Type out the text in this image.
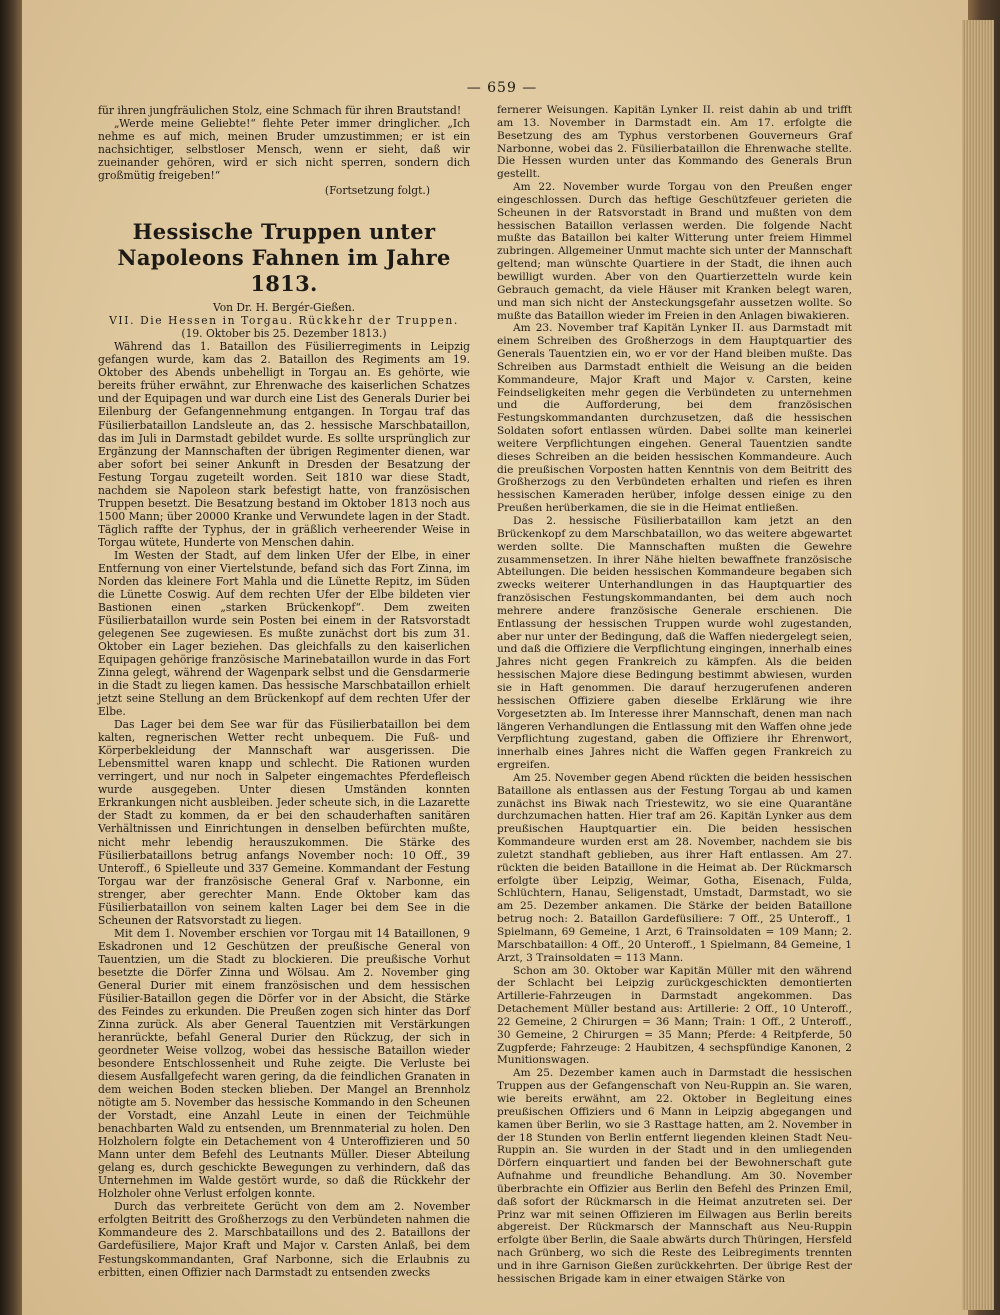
— 659 —

für ihren jungfräulichen Stolz, eine Schmach für ihren Brautstand!

„Werde meine Geliebte!“ flehte Peter immer dringlicher. „Ich nehme es auf mich, meinen Bruder umzustimmen; er ist ein nachsichtiger, selbstloser Mensch, wenn er sieht, daß wir zueinander gehören, wird er sich nicht sperren, sondern dich großmütig freigeben!“

(Fortsetzung folgt.)

Hessische Truppen unter Napoleons Fahnen im Jahre 1813.

Von Dr. H. Bergér-Gießen.

VII. Die Hessen in Torgau. Rückkehr der Truppen.

(19. Oktober bis 25. Dezember 1813.)

Während das 1. Bataillon des Füsilierregiments in Leipzig gefangen wurde, kam das 2. Bataillon des Regiments am 19. Oktober des Abends unbehelligt in Torgau an. Es gehörte, wie bereits früher erwähnt, zur Ehrenwache des kaiserlichen Schatzes und der Equipagen und war durch eine List des Generals Durier bei Eilenburg der Gefangennehmung entgangen. In Torgau traf das Füsilierbataillon Landsleute an, das 2. hessische Marschbataillon, das im Juli in Darmstadt gebildet wurde. Es sollte ursprünglich zur Ergänzung der Mannschaften der übrigen Regimenter dienen, war aber sofort bei seiner Ankunft in Dresden der Besatzung der Festung Torgau zugeteilt worden. Seit 1810 war diese Stadt, nachdem sie Napoleon stark befestigt hatte, von französischen Truppen besetzt. Die Besatzung bestand im Oktober 1813 noch aus 1500 Mann; über 20000 Kranke und Verwundete lagen in der Stadt. Täglich raffte der Typhus, der in gräßlich verheerender Weise in Torgau wütete, Hunderte von Menschen dahin.

Im Westen der Stadt, auf dem linken Ufer der Elbe, in einer Entfernung von einer Viertelstunde, befand sich das Fort Zinna, im Norden das kleinere Fort Mahla und die Lünette Repitz, im Süden die Lünette Coswig. Auf dem rechten Ufer der Elbe bildeten vier Bastionen einen „starken Brückenkopf“. Dem zweiten Füsilierbataillon wurde sein Posten bei einem in der Ratsvorstadt gelegenen See zugewiesen. Es mußte zunächst dort bis zum 31. Oktober ein Lager beziehen. Das gleichfalls zu den kaiserlichen Equipagen gehörige französische Marinebataillon wurde in das Fort Zinna gelegt, während der Wagenpark selbst und die Gensdarmerie in die Stadt zu liegen kamen. Das hessische Marschbataillon erhielt jetzt seine Stellung an dem Brückenkopf auf dem rechten Ufer der Elbe.

Das Lager bei dem See war für das Füsilierbataillon bei dem kalten, regnerischen Wetter recht unbequem. Die Fuß- und Körperbekleidung der Mannschaft war ausgerissen. Die Lebensmittel waren knapp und schlecht. Die Rationen wurden verringert, und nur noch in Salpeter eingemachtes Pferdefleisch wurde ausgegeben. Unter diesen Umständen konnten Erkrankungen nicht ausbleiben. Jeder scheute sich, in die Lazarette der Stadt zu kommen, da er bei den schauderhaften sanitären Verhältnissen und Einrichtungen in denselben befürchten mußte, nicht mehr lebendig herauszukommen. Die Stärke des Füsilierbataillons betrug anfangs November noch: 10 Off., 39 Unteroff., 6 Spielleute und 337 Gemeine. Kommandant der Festung Torgau war der französische General Graf v. Narbonne, ein strenger, aber gerechter Mann. Ende Oktober kam das Füsilierbataillon von seinem kalten Lager bei dem See in die Scheunen der Ratsvorstadt zu liegen.

Mit dem 1. November erschien vor Torgau mit 14 Bataillonen, 9 Eskadronen und 12 Geschützen der preußische General von Tauentzien, um die Stadt zu blockieren. Die preußische Vorhut besetzte die Dörfer Zinna und Wölsau. Am 2. November ging General Durier mit einem französischen und dem hessischen Füsilier-Bataillon gegen die Dörfer vor in der Absicht, die Stärke des Feindes zu erkunden. Die Preußen zogen sich hinter das Dorf Zinna zurück. Als aber General Tauentzien mit Verstärkungen heranrückte, befahl General Durier den Rückzug, der sich in geordneter Weise vollzog, wobei das hessische Bataillon wieder besondere Entschlossenheit und Ruhe zeigte. Die Verluste bei diesem Ausfallgefecht waren gering, da die feindlichen Granaten in dem weichen Boden stecken blieben. Der Mangel an Brennholz nötigte am 5. November das hessische Kommando in den Scheunen der Vorstadt, eine Anzahl Leute in einen der Teichmühle benachbarten Wald zu entsenden, um Brennmaterial zu holen. Den Holzholern folgte ein Detachement von 4 Unteroffizieren und 50 Mann unter dem Befehl des Leutnants Müller. Dieser Abteilung gelang es, durch geschickte Bewegungen zu verhindern, daß das Unternehmen im Walde gestört wurde, so daß die Rückkehr der Holzholer ohne Verlust erfolgen konnte.

Durch das verbreitete Gerücht von dem am 2. November erfolgten Beitritt des Großherzogs zu den Verbündeten nahmen die Kommandeure des 2. Marschbataillons und des 2. Bataillons der Gardefüsiliere, Major Kraft und Major v. Carsten Anlaß, bei dem Festungskommandanten, Graf Narbonne, sich die Erlaubnis zu erbitten, einen Offizier nach Darmstadt zu entsenden zwecks

fernerer Weisungen. Kapitän Lynker II. reist dahin ab und trifft am 13. November in Darmstadt ein. Am 17. erfolgte die Besetzung des am Typhus verstorbenen Gouverneurs Graf Narbonne, wobei das 2. Füsilierbataillon die Ehrenwache stellte. Die Hessen wurden unter das Kommando des Generals Brun gestellt.

Am 22. November wurde Torgau von den Preußen enger eingeschlossen. Durch das heftige Geschützfeuer gerieten die Scheunen in der Ratsvorstadt in Brand und mußten von dem hessischen Bataillon verlassen werden. Die folgende Nacht mußte das Bataillon bei kalter Witterung unter freiem Himmel zubringen. Allgemeiner Unmut machte sich unter der Mannschaft geltend; man wünschte Quartiere in der Stadt, die ihnen auch bewilligt wurden. Aber von den Quartierzetteln wurde kein Gebrauch gemacht, da viele Häuser mit Kranken belegt waren, und man sich nicht der Ansteckungsgefahr aussetzen wollte. So mußte das Bataillon wieder im Freien in den Anlagen biwakieren.

Am 23. November traf Kapitän Lynker II. aus Darmstadt mit einem Schreiben des Großherzogs in dem Hauptquartier des Generals Tauentzien ein, wo er vor der Hand bleiben mußte. Das Schreiben aus Darmstadt enthielt die Weisung an die beiden Kommandeure, Major Kraft und Major v. Carsten, keine Feindseligkeiten mehr gegen die Verbündeten zu unternehmen und die Aufforderung, bei dem französischen Festungskommandanten durchzusetzen, daß die hessischen Soldaten sofort entlassen würden. Dabei sollte man keinerlei weitere Verpflichtungen eingehen. General Tauentzien sandte dieses Schreiben an die beiden hessischen Kommandeure. Auch die preußischen Vorposten hatten Kenntnis von dem Beitritt des Großherzogs zu den Verbündeten erhalten und riefen es ihren hessischen Kameraden herüber, infolge dessen einige zu den Preußen herüberkamen, die sie in die Heimat entließen.

Das 2. hessische Füsilierbataillon kam jetzt an den Brückenkopf zu dem Marschbataillon, wo das weitere abgewartet werden sollte. Die Mannschaften mußten die Gewehre zusammensetzen. In ihrer Nähe hielten bewaffnete französische Abteilungen. Die beiden hessischen Kommandeure begaben sich zwecks weiterer Unterhandlungen in das Hauptquartier des französischen Festungskommandanten, bei dem auch noch mehrere andere französische Generale erschienen. Die Entlassung der hessischen Truppen wurde wohl zugestanden, aber nur unter der Bedingung, daß die Waffen niedergelegt seien, und daß die Offiziere die Verpflichtung eingingen, innerhalb eines Jahres nicht gegen Frankreich zu kämpfen. Als die beiden hessischen Majore diese Bedingung bestimmt abwiesen, wurden sie in Haft genommen. Die darauf herzugerufenen anderen hessischen Offiziere gaben dieselbe Erklärung wie ihre Vorgesetzten ab. Im Interesse ihrer Mannschaft, denen man nach längeren Verhandlungen die Entlassung mit den Waffen ohne jede Verpflichtung zugestand, gaben die Offiziere ihr Ehrenwort, innerhalb eines Jahres nicht die Waffen gegen Frankreich zu ergreifen.

Am 25. November gegen Abend rückten die beiden hessischen Bataillone als entlassen aus der Festung Torgau ab und kamen zunächst ins Biwak nach Triestewitz, wo sie eine Quarantäne durchzumachen hatten. Hier traf am 26. Kapitän Lynker aus dem preußischen Hauptquartier ein. Die beiden hessischen Kommandeure wurden erst am 28. November, nachdem sie bis zuletzt standhaft geblieben, aus ihrer Haft entlassen. Am 27. rückten die beiden Bataillone in die Heimat ab. Der Rückmarsch erfolgte über Leipzig, Weimar, Gotha, Eisenach, Fulda, Schlüchtern, Hanau, Seligenstadt, Umstadt, Darmstadt, wo sie am 25. Dezember ankamen. Die Stärke der beiden Bataillone betrug noch: 2. Bataillon Gardefüsiliere: 7 Off., 25 Unteroff., 1 Spielmann, 69 Gemeine, 1 Arzt, 6 Trainsoldaten = 109 Mann; 2. Marschbataillon: 4 Off., 20 Unteroff., 1 Spielmann, 84 Gemeine, 1 Arzt, 3 Trainsoldaten = 113 Mann.

Schon am 30. Oktober war Kapitän Müller mit den während der Schlacht bei Leipzig zurückgeschickten demontierten Artillerie-Fahrzeugen in Darmstadt angekommen. Das Detachement Müller bestand aus: Artillerie: 2 Off., 10 Unteroff., 22 Gemeine, 2 Chirurgen = 36 Mann; Train: 1 Off., 2 Unteroff., 30 Gemeine, 2 Chirurgen = 35 Mann; Pferde: 4 Reitpferde, 50 Zugpferde; Fahrzeuge: 2 Haubitzen, 4 sechspfündige Kanonen, 2 Munitionswagen.

Am 25. Dezember kamen auch in Darmstadt die hessischen Truppen aus der Gefangenschaft von Neu-Ruppin an. Sie waren, wie bereits erwähnt, am 22. Oktober in Begleitung eines preußischen Offiziers und 6 Mann in Leipzig abgegangen und kamen über Berlin, wo sie 3 Rasttage hatten, am 2. November in der 18 Stunden von Berlin entfernt liegenden kleinen Stadt Neu-Ruppin an. Sie wurden in der Stadt und in den umliegenden Dörfern einquartiert und fanden bei der Bewohnerschaft gute Aufnahme und freundliche Behandlung. Am 30. November überbrachte ein Offizier aus Berlin den Befehl des Prinzen Emil, daß sofort der Rückmarsch in die Heimat anzutreten sei. Der Prinz war mit seinen Offizieren im Eilwagen aus Berlin bereits abgereist. Der Rückmarsch der Mannschaft aus Neu-Ruppin erfolgte über Berlin, die Saale abwärts durch Thüringen, Hersfeld nach Grünberg, wo sich die Reste des Leibregiments trennten und in ihre Garnison Gießen zurückkehrten. Der übrige Rest der hessischen Brigade kam in einer etwaigen Stärke von
